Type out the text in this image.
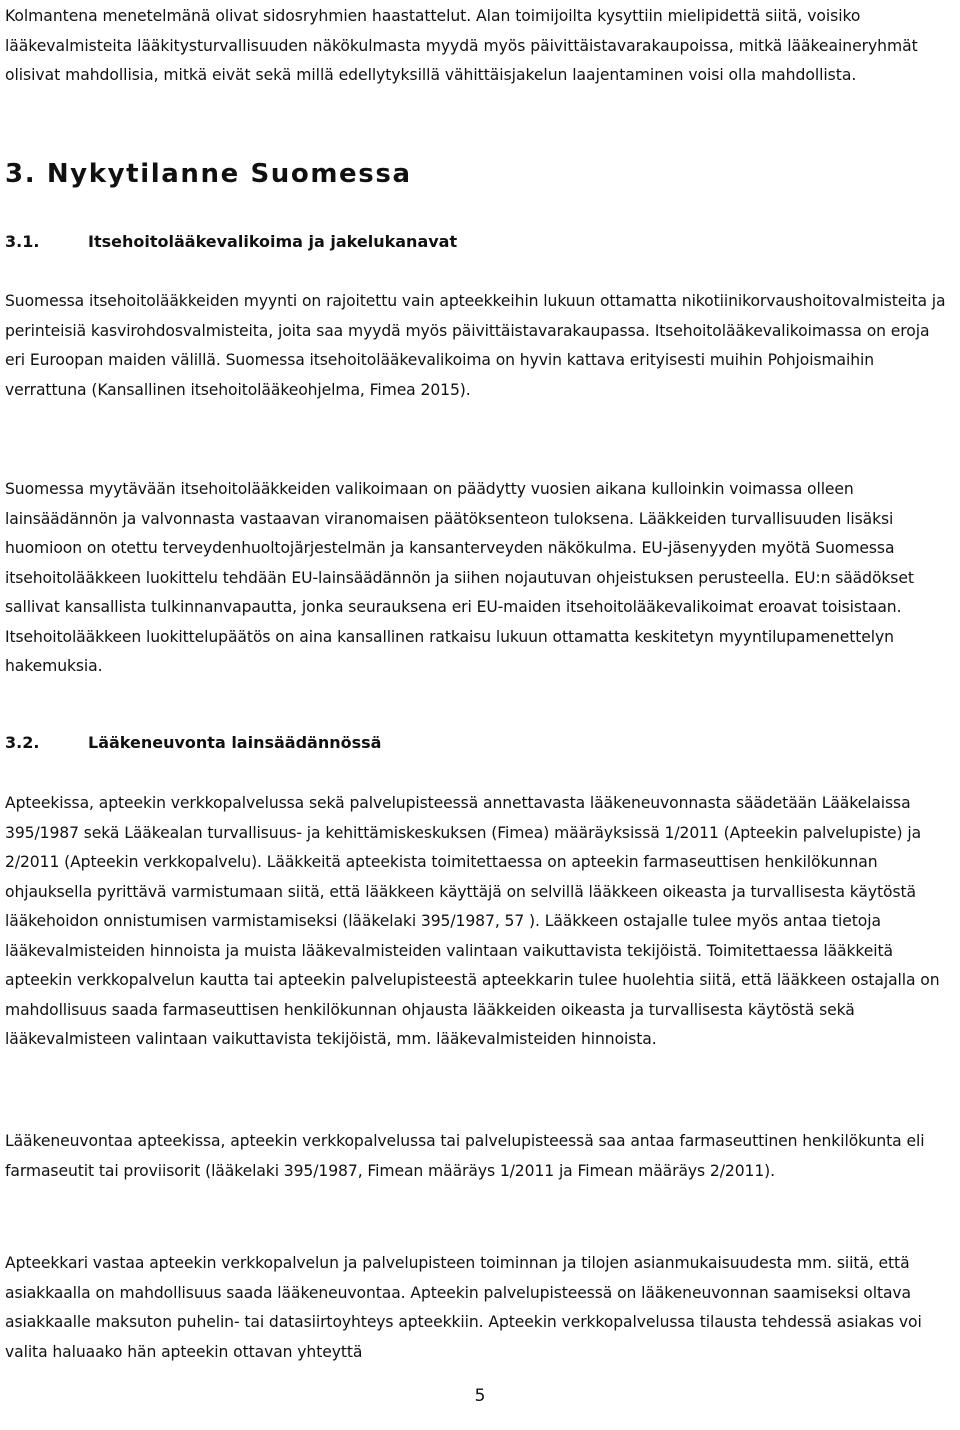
Kolmantena menetelmänä olivat sidosryhmien haastattelut. Alan toimijoilta kysyttiin mielipidettä siitä, voisiko lääkevalmisteita lääkitysturvallisuuden näkökulmasta myydä myös päivittäistavarakaupoissa, mitkä lääkeaineryhmät olisivat mahdollisia, mitkä eivät sekä millä edellytyksillä vähittäisjakelun laajentaminen voisi olla mahdollista.

3. Nykytilanne Suomessa
3.1.	Itsehoitolääkevalikoima ja jakelukanavat

Suomessa itsehoitolääkkeiden myynti on rajoitettu vain apteekkeihin lukuun ottamatta nikotiinikorvaushoitovalmisteita ja perinteisiä kasvirohdosvalmisteita, joita saa myydä myös päivittäistavarakaupassa. Itsehoitolääkevalikoimassa on eroja eri Euroopan maiden välillä. Suomessa itsehoitolääkevalikoima on hyvin kattava erityisesti muihin Pohjoismaihin verrattuna (Kansallinen itsehoitolääkeohjelma, Fimea 2015).

Suomessa myytävään itsehoitolääkkeiden valikoimaan on päädytty vuosien aikana kulloinkin voimassa olleen lainsäädännön ja valvonnasta vastaavan viranomaisen päätöksenteon tuloksena. Lääkkeiden turvallisuuden lisäksi huomioon on otettu terveydenhuoltojärjestelmän ja kansanterveyden näkökulma. EU-jäsenyyden myötä Suomessa itsehoitolääkkeen luokittelu tehdään EU-lainsäädännön ja siihen nojautuvan ohjeistuksen perusteella. EU:n säädökset sallivat kansallista tulkinnanvapautta, jonka seurauksena eri EU-maiden itsehoitolääkevalikoimat eroavat toisistaan. Itsehoitolääkkeen luokittelupäätös on aina kansallinen ratkaisu lukuun ottamatta keskitetyn myyntilupamenettelyn hakemuksia.

3.2.	Lääkeneuvonta lainsäädännössä

Apteekissa, apteekin verkkopalvelussa sekä palvelupisteessä annettavasta lääkeneuvonnasta säädetään Lääkelaissa 395/1987 sekä Lääkealan turvallisuus- ja kehittämiskeskuksen (Fimea) määräyksissä 1/2011 (Apteekin palvelupiste) ja 2/2011 (Apteekin verkkopalvelu). Lääkkeitä apteekista toimitettaessa on apteekin farmaseuttisen henkilökunnan ohjauksella pyrittävä varmistumaan siitä, että lääkkeen käyttäjä on selvillä lääkkeen oikeasta ja turvallisesta käytöstä lääkehoidon onnistumisen varmistamiseksi (lääkelaki 395/1987, 57 ). Lääkkeen ostajalle tulee myös antaa tietoja lääkevalmisteiden hinnoista ja muista lääkevalmisteiden valintaan vaikuttavista tekijöistä. Toimitettaessa lääkkeitä apteekin verkkopalvelun kautta tai apteekin palvelupisteestä apteekkarin tulee huolehtia siitä, että lääkkeen ostajalla on mahdollisuus saada farmaseuttisen henkilökunnan ohjausta lääkkeiden oikeasta ja turvallisesta käytöstä sekä lääkevalmisteen valintaan vaikuttavista tekijöistä, mm. lääkevalmisteiden hinnoista.

Lääkeneuvontaa apteekissa, apteekin verkkopalvelussa tai palvelupisteessä saa antaa farmaseuttinen henkilökunta eli farmaseutit tai proviisorit (lääkelaki 395/1987, Fimean määräys 1/2011 ja Fimean määräys 2/2011).

Apteekkari vastaa apteekin verkkopalvelun ja palvelupisteen toiminnan ja tilojen asianmukaisuudesta mm. siitä, että asiakkaalla on mahdollisuus saada lääkeneuvontaa. Apteekin palvelupisteessä on lääkeneuvonnan saamiseksi oltava asiakkaalle maksuton puhelin- tai datasiirtoyhteys apteekkiin. Apteekin verkkopalvelussa tilausta tehdessä asiakas voi valita haluaako hän apteekin ottavan yhteyttä

5
